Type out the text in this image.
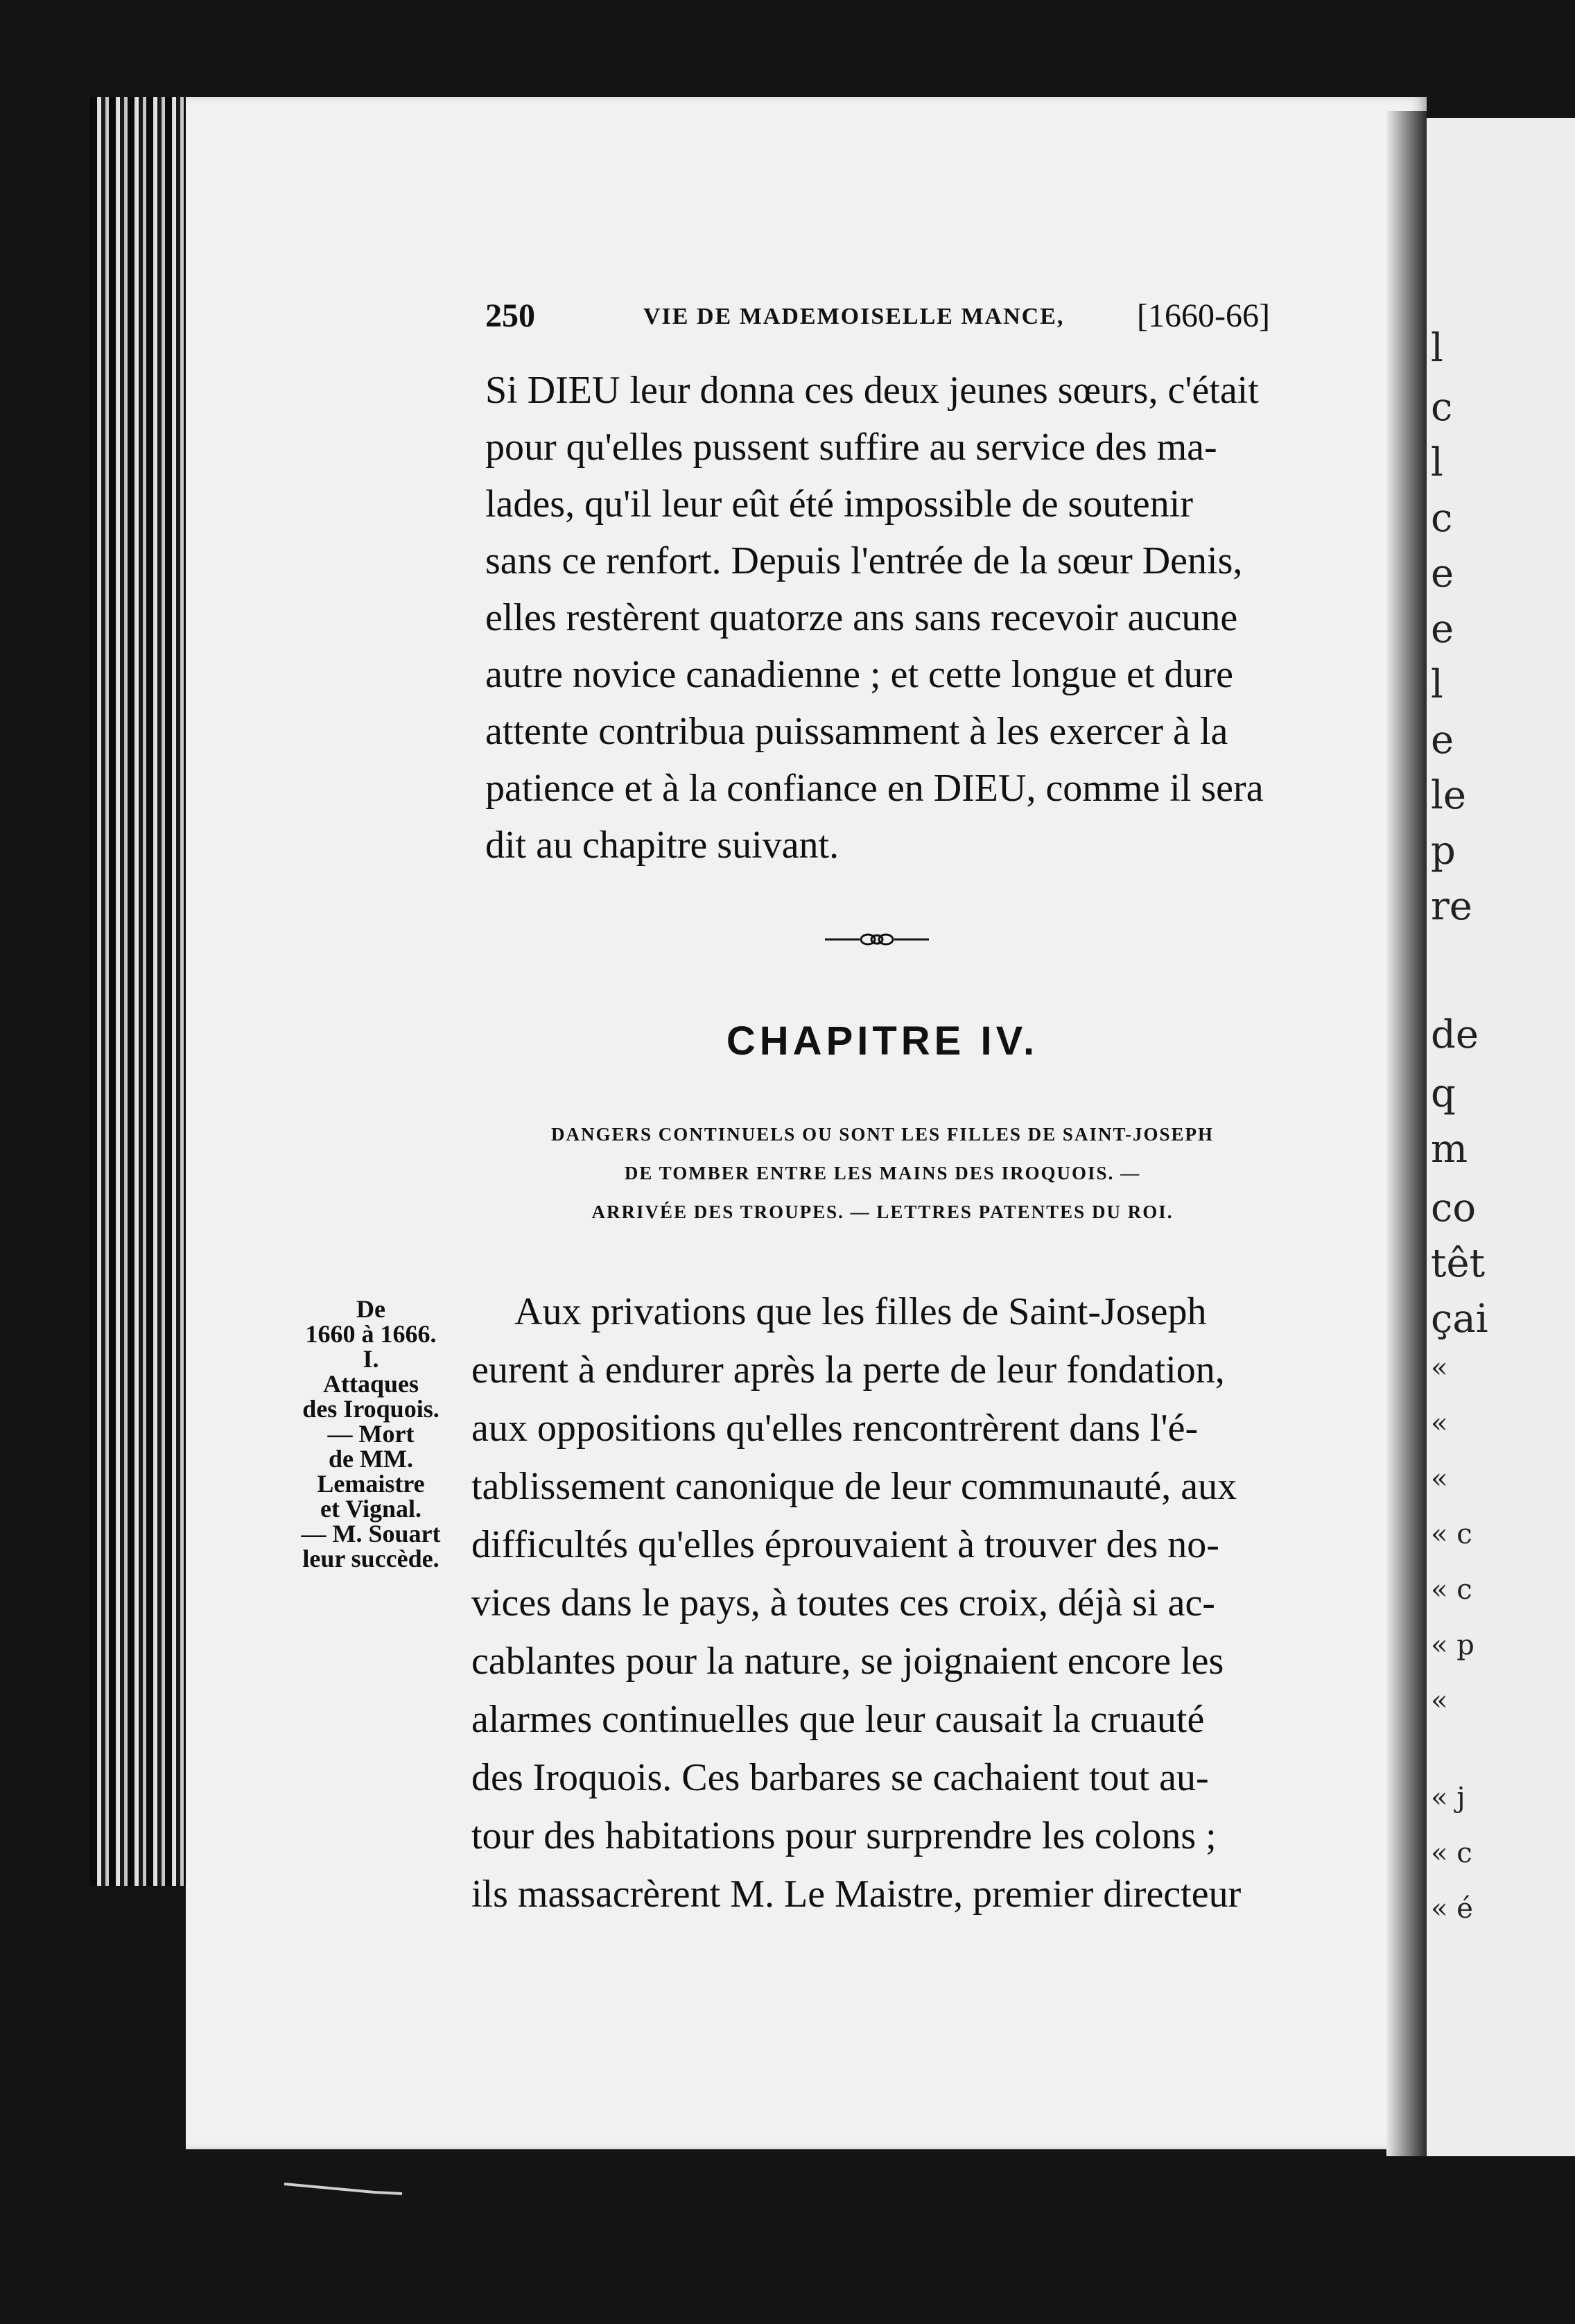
l
c
l
c
e
e
l
e
le
p
re
de
q
m
co
têt
çai
«
«
«
« c
« c
« p
«
« j
« c
« é
250	VIE DE MADEMOISELLE MANCE, [1660-66]
Si DIEU leur donna ces deux jeunes sœurs, c'était
pour qu'elles pussent suffire au service des ma-
lades, qu'il leur eût été impossible de soutenir
sans ce renfort. Depuis l'entrée de la sœur Denis,
elles restèrent quatorze ans sans recevoir aucune
autre novice canadienne ; et cette longue et dure
attente contribua puissamment à les exercer à la
patience et à la confiance en DIEU, comme il sera
dit au chapitre suivant.
CHAPITRE IV.
DANGERS CONTINUELS OU SONT LES FILLES DE SAINT-JOSEPH
DE TOMBER ENTRE LES MAINS DES IROQUOIS. —
ARRIVÉE DES TROUPES. — LETTRES PATENTES DU ROI.
De
1660 à 1666.
I.
Attaques
des Iroquois.
— Mort
de MM.
Lemaistre
et Vignal.
— M. Souart
leur succède.
Aux privations que les filles de Saint-Joseph
eurent à endurer après la perte de leur fondation,
aux oppositions qu'elles rencontrèrent dans l'é-
tablissement canonique de leur communauté, aux
difficultés qu'elles éprouvaient à trouver des no-
vices dans le pays, à toutes ces croix, déjà si ac-
cablantes pour la nature, se joignaient encore les
alarmes continuelles que leur causait la cruauté
des Iroquois. Ces barbares se cachaient tout au-
tour des habitations pour surprendre les colons ;
ils massacrèrent M. Le Maistre, premier directeur
